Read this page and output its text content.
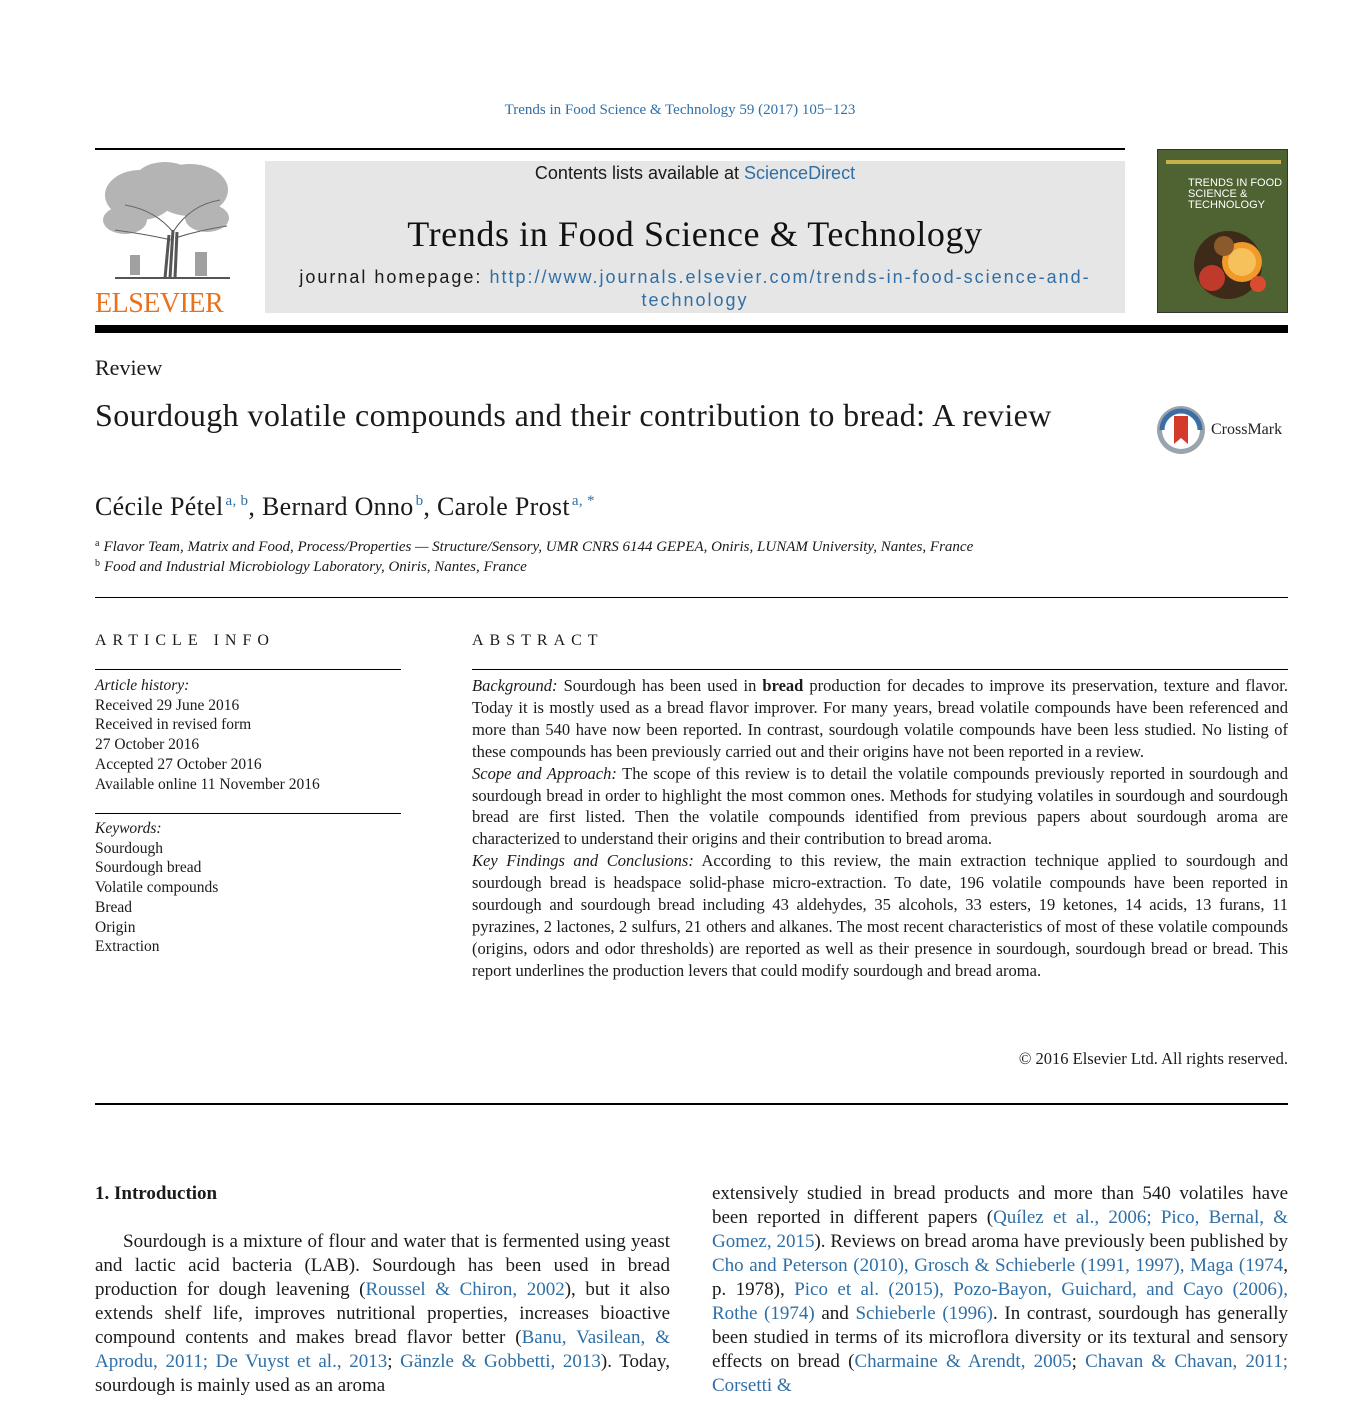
Trends in Food Science & Technology 59 (2017) 105−123
ELSEVIER
Contents lists available at ScienceDirect
Trends in Food Science & Technology
journal homepage: http://www.journals.elsevier.com/trends-in-food-science-and-technology
TRENDS IN FOOD SCIENCE & TECHNOLOGY
Review
Sourdough volatile compounds and their contribution to bread: A review	CrossMark
Cécile Pétel $^{a, b}$, Bernard Onno $^b$, Carole Prost $^{a, *}$
$^a$ Flavor Team, Matrix and Food, Process/Properties — Structure/Sensory, UMR CNRS 6144 GEPEA, Oniris, LUNAM University, Nantes, France
$^b$ Food and Industrial Microbiology Laboratory, Oniris, Nantes, France
ARTICLE INFO
Article history:
Received 29 June 2016
Received in revised form
27 October 2016
Accepted 27 October 2016
Available online 11 November 2016
Keywords:
Sourdough
Sourdough bread
Volatile compounds
Bread
Origin
Extraction
ABSTRACT

Background: Sourdough has been used in bread production for decades to improve its preservation, texture and flavor. Today it is mostly used as a bread flavor improver. For many years, bread volatile compounds have been referenced and more than 540 have now been reported. In contrast, sourdough volatile compounds have been less studied. No listing of these compounds has been previously carried out and their origins have not been reported in a review.

Scope and Approach: The scope of this review is to detail the volatile compounds previously reported in sourdough and sourdough bread in order to highlight the most common ones. Methods for studying volatiles in sourdough and sourdough bread are first listed. Then the volatile compounds identified from previous papers about sourdough aroma are characterized to understand their origins and their contribution to bread aroma.

Key Findings and Conclusions: According to this review, the main extraction technique applied to sourdough and sourdough bread is headspace solid-phase micro-extraction. To date, 196 volatile compounds have been reported in sourdough and sourdough bread including 43 aldehydes, 35 alcohols, 33 esters, 19 ketones, 14 acids, 13 furans, 11 pyrazines, 2 lactones, 2 sulfurs, 21 others and alkanes. The most recent characteristics of most of these volatile compounds (origins, odors and odor thresholds) are reported as well as their presence in sourdough, sourdough bread or bread. This report underlines the production levers that could modify sourdough and bread aroma.

© 2016 Elsevier Ltd. All rights reserved.
1. Introduction

Sourdough is a mixture of flour and water that is fermented using yeast and lactic acid bacteria (LAB). Sourdough has been used in bread production for dough leavening (Roussel & Chiron, 2002), but it also extends shelf life, improves nutritional properties, increases bioactive compound contents and makes bread flavor better (Banu, Vasilean, & Aprodu, 2011; De Vuyst et al., 2013; Gänzle & Gobbetti, 2013). Today, sourdough is mainly used as an aroma

extensively studied in bread products and more than 540 volatiles have been reported in different papers (Quílez et al., 2006; Pico, Bernal, & Gomez, 2015). Reviews on bread aroma have previously been published by Cho and Peterson (2010), Grosch & Schieberle (1991, 1997), Maga (1974, p. 1978), Pico et al. (2015), Pozo-Bayon, Guichard, and Cayo (2006), Rothe (1974) and Schieberle (1996). In contrast, sourdough has generally been studied in terms of its microflora diversity or its textural and sensory effects on bread (Charmaine & Arendt, 2005; Chavan & Chavan, 2011; Corsetti &
